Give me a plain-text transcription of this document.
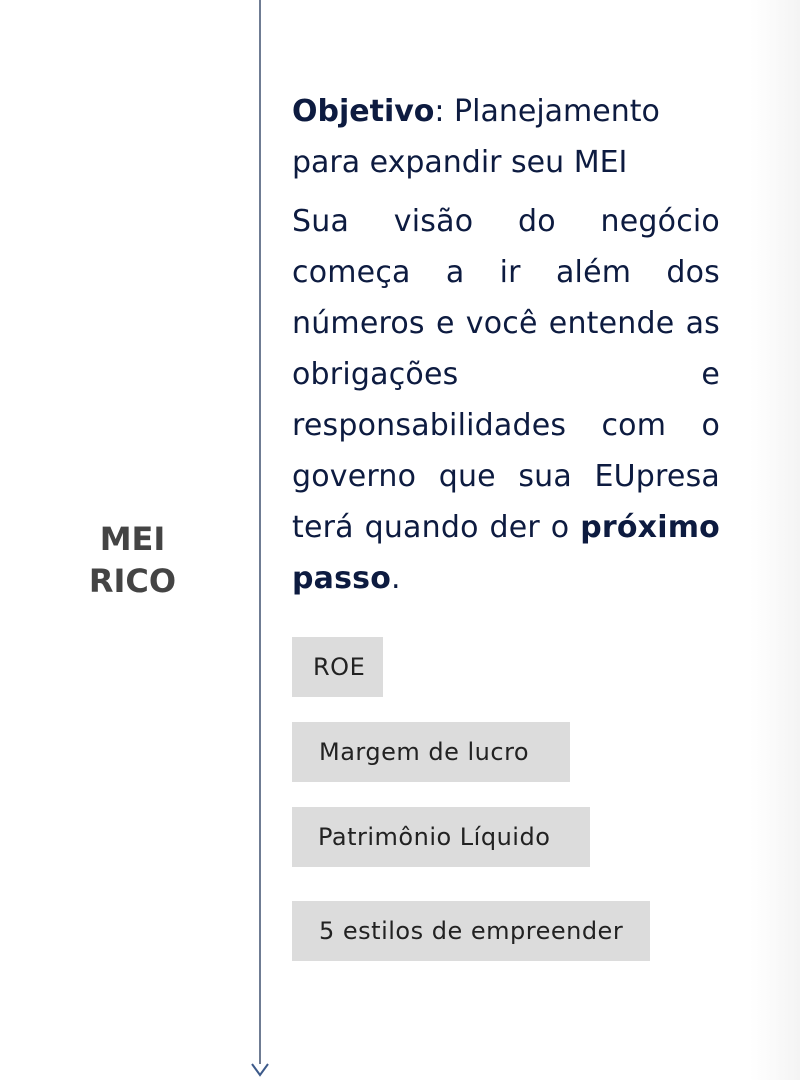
MEI
RICO

Objetivo: Planejamento para expandir seu MEI

Sua visão do negócio começa a ir além dos números e você entende as obrigações e responsabilidades com o governo que sua EUpresa terá quando der o próximo passo.

ROE
Margem de lucro
Patrimônio Líquido
5 estilos de empreender
